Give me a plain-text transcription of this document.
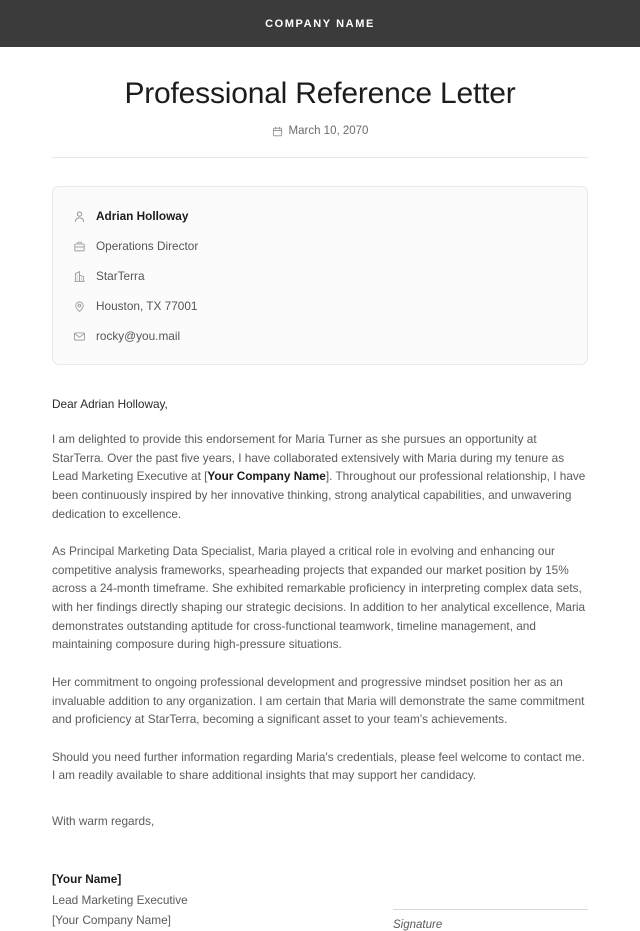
COMPANY NAME
Professional Reference Letter
March 10, 2070
Adrian Holloway
Operations Director
StarTerra
Houston, TX 77001
rocky@you.mail
Dear Adrian Holloway,

I am delighted to provide this endorsement for Maria Turner as she pursues an opportunity at StarTerra. Over the past five years, I have collaborated extensively with Maria during my tenure as Lead Marketing Executive at [Your Company Name]. Throughout our professional relationship, I have been continuously inspired by her innovative thinking, strong analytical capabilities, and unwavering dedication to excellence.

As Principal Marketing Data Specialist, Maria played a critical role in evolving and enhancing our competitive analysis frameworks, spearheading projects that expanded our market position by 15% across a 24-month timeframe. She exhibited remarkable proficiency in interpreting complex data sets, with her findings directly shaping our strategic decisions. In addition to her analytical excellence, Maria demonstrates outstanding aptitude for cross-functional teamwork, timeline management, and maintaining composure during high-pressure situations.

Her commitment to ongoing professional development and progressive mindset position her as an invaluable addition to any organization. I am certain that Maria will demonstrate the same commitment and proficiency at StarTerra, becoming a significant asset to your team's achievements.

Should you need further information regarding Maria's credentials, please feel welcome to contact me. I am readily available to share additional insights that may support her candidacy.

With warm regards,
[Your Name]
Lead Marketing Executive
[Your Company Name]	Signature
